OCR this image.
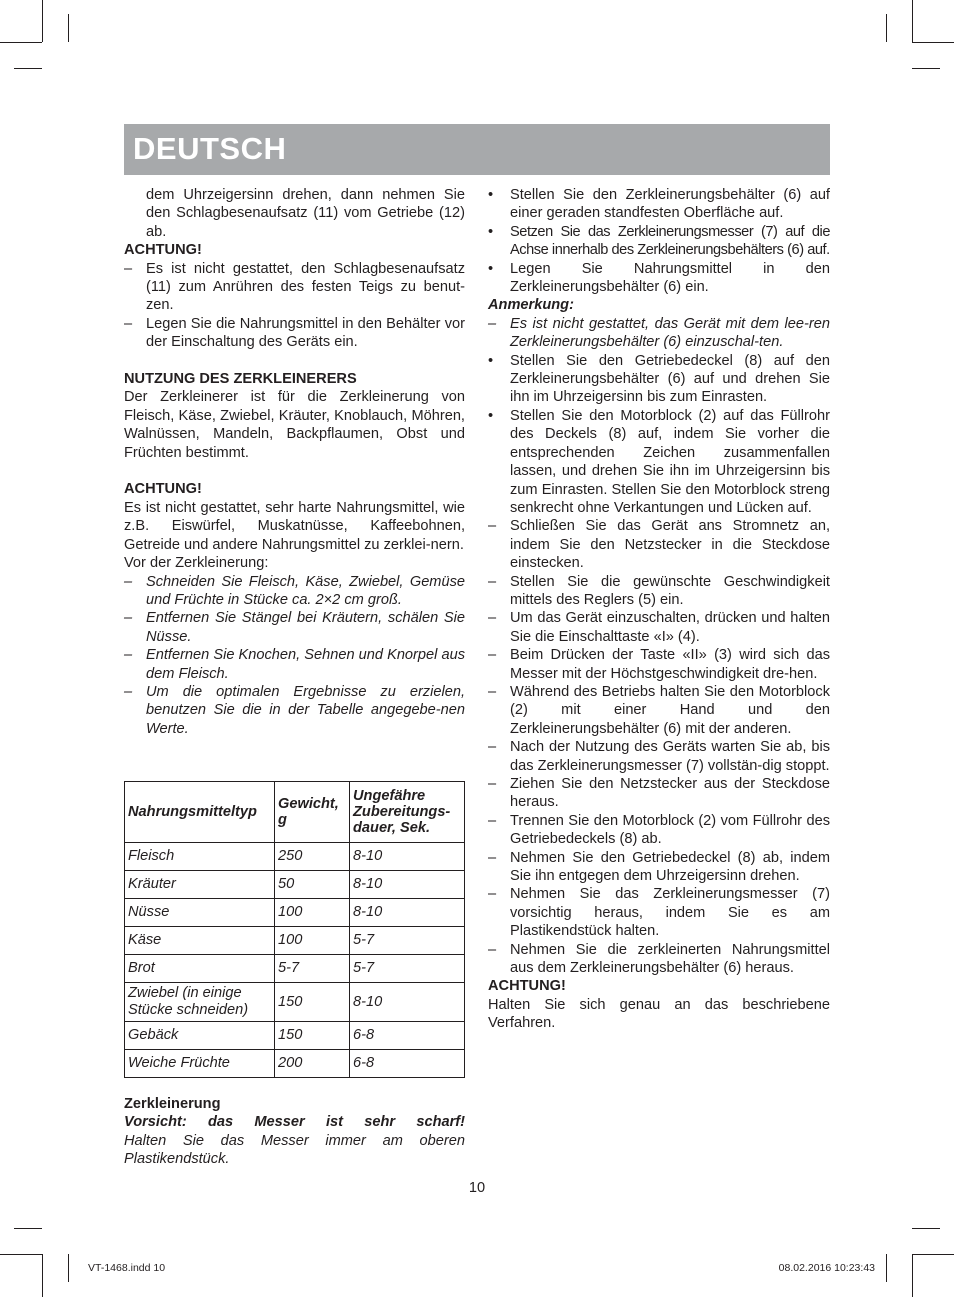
DEUTSCH

dem Uhrzeigersinn drehen, dann nehmen Sie den Schlagbesenaufsatz (11) vom Getriebe (12) ab.

ACHTUNG!
– Es ist nicht gestattet, den Schlagbesenaufsatz (11) zum Anrühren des festen Teigs zu benut-zen.
– Legen Sie die Nahrungsmittel in den Behälter vor der Einschaltung des Geräts ein.
NUTZUNG DES ZERKLEINERERS

Der Zerkleinerer ist für die Zerkleinerung von Fleisch, Käse, Zwiebel, Kräuter, Knoblauch, Möhren, Walnüssen, Mandeln, Backpflaumen, Obst und Früchten bestimmt.

ACHTUNG!

Es ist nicht gestattet, sehr harte Nahrungsmittel, wie z.B. Eiswürfel, Muskatnüsse, Kaffeebohnen, Getreide und andere Nahrungsmittel zu zerklei-nern.

Vor der Zerkleinerung:
– Schneiden Sie Fleisch, Käse, Zwiebel, Gemüse und Früchte in Stücke ca. 2×2 cm groß.
– Entfernen Sie Stängel bei Kräutern, schälen Sie Nüsse.
– Entfernen Sie Knochen, Sehnen und Knorpel aus dem Fleisch.
– Um die optimalen Ergebnisse zu erzielen, benutzen Sie die in der Tabelle angegebe-nen Werte.
Nahrungsmitteltyp	Gewicht, g	Ungefähre Zubereitungs-dauer, Sek.
Fleisch	250	8-10
Kräuter	50	8-10
Nüsse	100	8-10
Käse	100	5-7
Brot	5-7	5-7
Zwiebel (in einige Stücke schneiden)	150	8-10
Gebäck	150	6-8
Weiche Früchte	200	6-8
Zerkleinerung

Vorsicht: das Messer ist sehr scharf!

Halten Sie das Messer immer am oberen Plastikendstück.

• Stellen Sie den Zerkleinerungsbehälter (6) auf einer geraden standfesten Oberfläche auf.
• Setzen Sie das Zerkleinerungsmesser (7) auf die Achse innerhalb des Zerkleinerungsbehälters (6) auf.
• Legen Sie Nahrungsmittel in den Zerkleinerungsbehälter (6) ein.
Anmerkung:
– Es ist nicht gestattet, das Gerät mit dem lee-ren Zerkleinerungsbehälter (6) einzuschal-ten.
• Stellen Sie den Getriebedeckel (8) auf den Zerkleinerungsbehälter (6) auf und drehen Sie ihn im Uhrzeigersinn bis zum Einrasten.
• Stellen Sie den Motorblock (2) auf das Füllrohr des Deckels (8) auf, indem Sie vorher die entsprechenden Zeichen zusammenfallen lassen, und drehen Sie ihn im Uhrzeigersinn bis zum Einrasten. Stellen Sie den Motorblock streng senkrecht ohne Verkantungen und Lücken auf.
– Schließen Sie das Gerät ans Stromnetz an, indem Sie den Netzstecker in die Steckdose einstecken.
– Stellen Sie die gewünschte Geschwindigkeit mittels des Reglers (5) ein.
– Um das Gerät einzuschalten, drücken und halten Sie die Einschalttaste «I» (4).
– Beim Drücken der Taste «II» (3) wird sich das Messer mit der Höchstgeschwindigkeit dre-hen.
– Während des Betriebs halten Sie den Motorblock (2) mit einer Hand und den Zerkleinerungsbehälter (6) mit der anderen.
– Nach der Nutzung des Geräts warten Sie ab, bis das Zerkleinerungsmesser (7) vollstän-dig stoppt.
– Ziehen Sie den Netzstecker aus der Steckdose heraus.
– Trennen Sie den Motorblock (2) vom Füllrohr des Getriebedeckels (8) ab.
– Nehmen Sie den Getriebedeckel (8) ab, indem Sie ihn entgegen dem Uhrzeigersinn drehen.
– Nehmen Sie das Zerkleinerungsmesser (7) vorsichtig heraus, indem Sie es am Plastikendstück halten.
– Nehmen Sie die zerkleinerten Nahrungsmittel aus dem Zerkleinerungsbehälter (6) heraus.
ACHTUNG!

Halten Sie sich genau an das beschriebene Verfahren.

10
VT-1468.indd 10	08.02.2016 10:23:43
